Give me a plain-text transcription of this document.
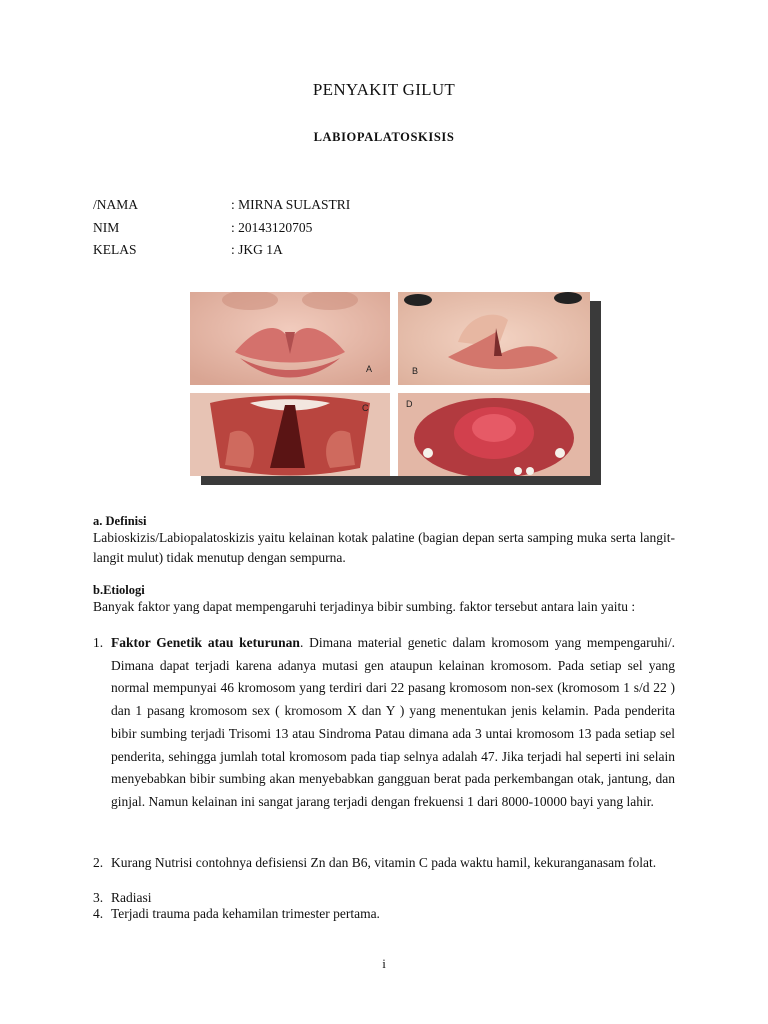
PENYAKIT GILUT
LABIOPALATOSKISIS
/NAMA	: MIRNA SULASTRI
NIM	: 20143120705
KELAS	: JKG 1A
A	B
C	D
a. Definisi
Labioskizis/Labiopalatoskizis yaitu kelainan kotak palatine (bagian depan serta samping muka serta langit-langit mulut) tidak menutup dengan sempurna.
b.Etiologi
Banyak faktor yang dapat mempengaruhi terjadinya bibir sumbing. faktor tersebut antara lain yaitu :
1. Faktor Genetik atau keturunan. Dimana material genetic dalam kromosom yang mempengaruhi/. Dimana dapat terjadi karena adanya mutasi gen ataupun kelainan kromosom. Pada setiap sel yang normal mempunyai 46 kromosom yang terdiri dari 22 pasang kromosom non-sex (kromosom 1 s/d 22 ) dan 1 pasang kromosom sex ( kromosom X dan Y ) yang menentukan jenis kelamin. Pada penderita bibir sumbing terjadi Trisomi 13 atau Sindroma Patau dimana ada 3 untai kromosom 13 pada setiap sel penderita, sehingga jumlah total kromosom pada tiap selnya adalah 47. Jika terjadi hal seperti ini selain menyebabkan bibir sumbing akan menyebabkan gangguan berat pada perkembangan otak, jantung, dan ginjal. Namun kelainan ini sangat jarang terjadi dengan frekuensi 1 dari 8000-10000 bayi yang lahir.
2. Kurang Nutrisi contohnya defisiensi Zn dan B6, vitamin C pada waktu hamil, kekuranganasam folat.
3. Radiasi
4. Terjadi trauma pada kehamilan trimester pertama.
i
